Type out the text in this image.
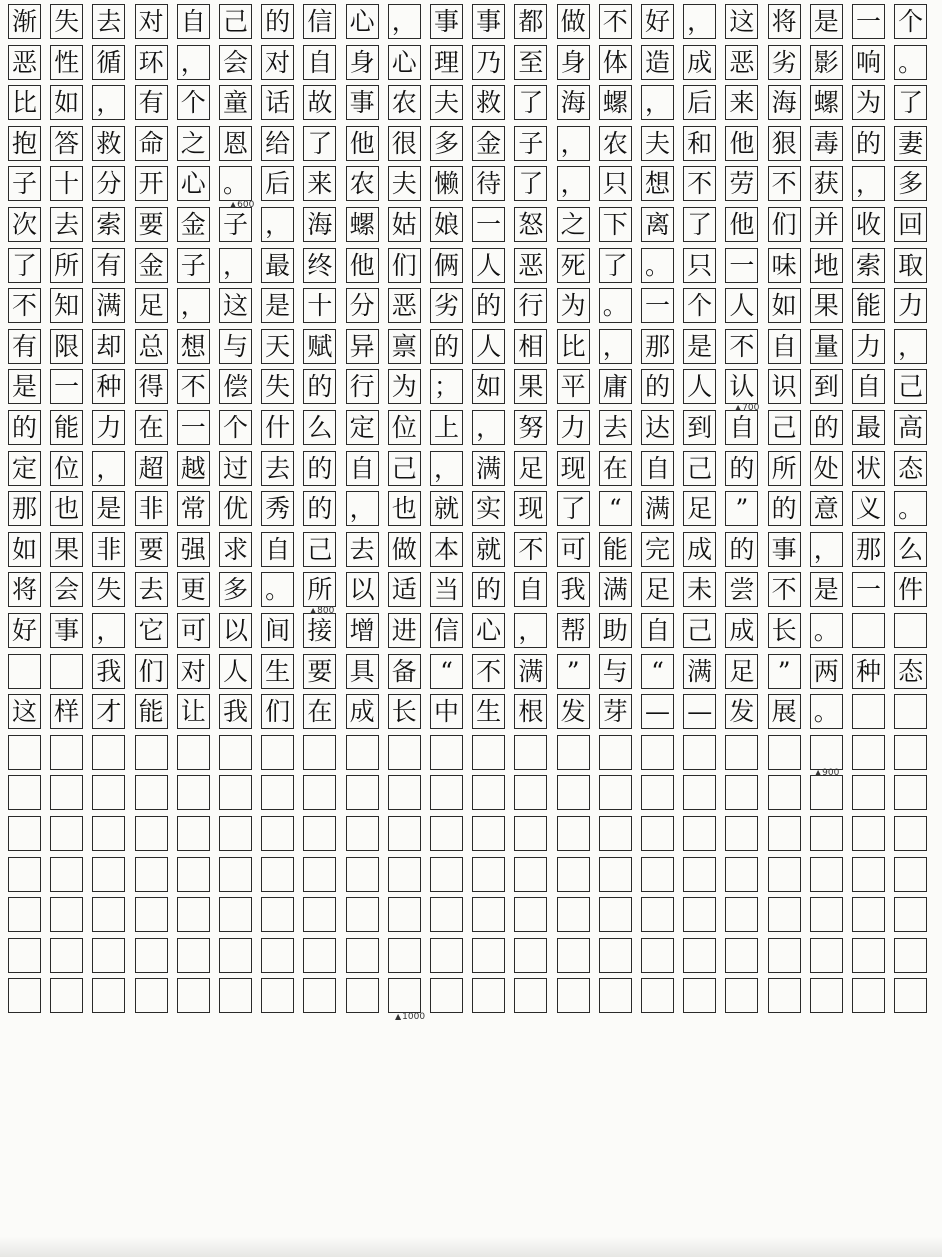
渐 失 去 对 自 己 的 信 心 ， 事 事 都 做 不 好 ， 这 将 是 一 个
恶 性 循 环 ， 会 对 自 身 心 理 乃 至 身 体 造 成 恶 劣 影 响 。
比 如 ， 有 个 童 话 故 事 农 夫 救 了 海 螺 ， 后 来 海 螺 为 了
抱 答 救 命 之 恩 给 了 他 很 多 金 子 ， 农 夫 和 他 狠 毒 的 妻
子 十 分 开 心 。 后 来 农 夫 懒 待 了 ， 只 想 不 劳 不 获 ， 多
次 去 索 要 金 子 ， 海 螺 姑 娘 一 怒 之 下 离 了 他 们 并 收 回
了 所 有 金 子 ， 最 终 他 们 俩 人 恶 死 了 。 只 一 味 地 索 取
不 知 满 足 ， 这 是 十 分 恶 劣 的 行 为 。 一 个 人 如 果 能 力
有 限 却 总 想 与 天 赋 异 禀 的 人 相 比 ， 那 是 不 自 量 力 ，
是 一 种 得 不 偿 失 的 行 为 ； 如 果 平 庸 的 人 认 识 到 自 己
的 能 力 在 一 个 什 么 定 位 上 ， 努 力 去 达 到 自 己 的 最 高
定 位 ， 超 越 过 去 的 自 己 ， 满 足 现 在 自 己 的 所 处 状 态
那 也 是 非 常 优 秀 的 ， 也 就 实 现 了 “ 满 足 ” 的 意 义 。
如 果 非 要 强 求 自 己 去 做 本 就 不 可 能 完 成 的 事 ， 那 么
将 会 失 去 更 多 。 所 以 适 当 的 自 我 满 足 未 尝 不 是 一 件
好 事 ， 它 可 以 间 接 增 进 信 心 ， 帮 助 自 己 成 长 。
我 们 对 人 生 要 具 备 “ 不 满 ” 与 “ 满 足 ” 两 种 态
这 样 才 能 让 我 们 在 成 长 中 生 根 发 芽 — — 发 展 。
▲ 600
▲ 700
▲ 800
▲ 900
▲ 1000
